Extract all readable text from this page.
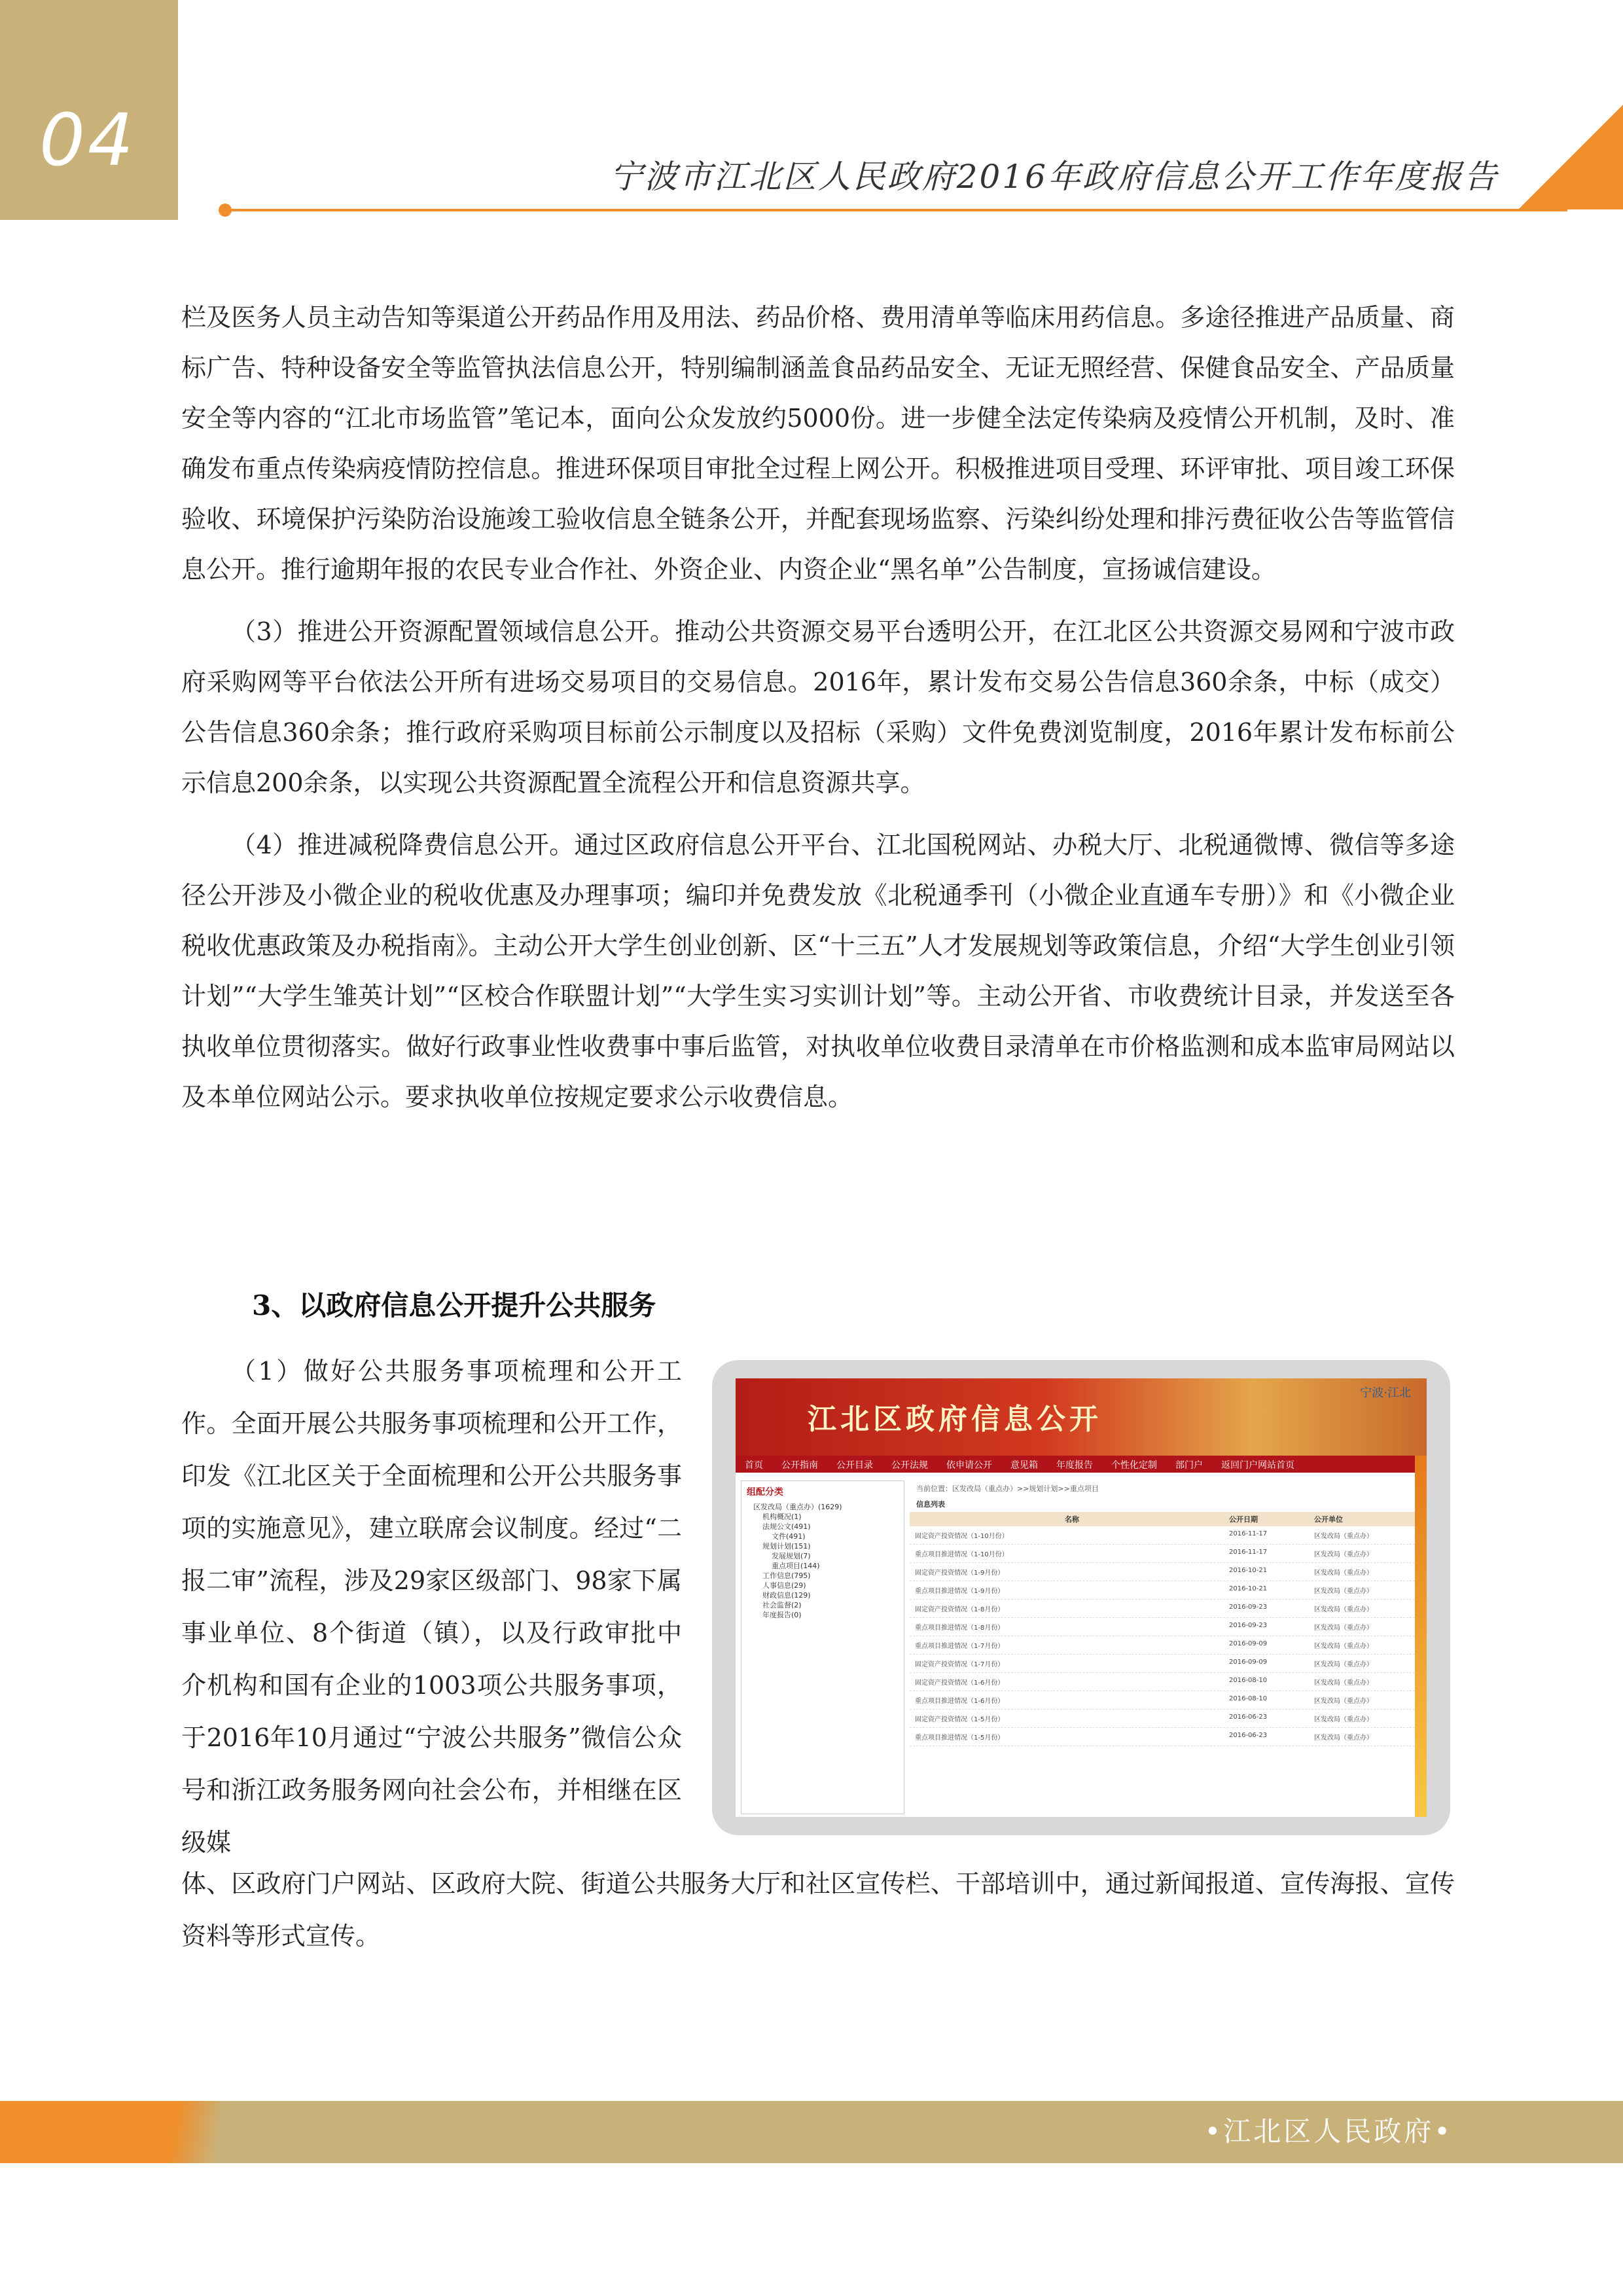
04	宁波市江北区人民政府2016年政府信息公开工作年度报告

栏及医务人员主动告知等渠道公开药品作用及用法、药品价格、费用清单等临床用药信息。多途径推进产品质量、商标广告、特种设备安全等监管执法信息公开，特别编制涵盖食品药品安全、无证无照经营、保健食品安全、产品质量安全等内容的“江北市场监管”笔记本，面向公众发放约5000份。进一步健全法定传染病及疫情公开机制，及时、准确发布重点传染病疫情防控信息。推进环保项目审批全过程上网公开。积极推进项目受理、环评审批、项目竣工环保验收、环境保护污染防治设施竣工验收信息全链条公开，并配套现场监察、污染纠纷处理和排污费征收公告等监管信息公开。推行逾期年报的农民专业合作社、外资企业、内资企业“黑名单”公告制度，宣扬诚信建设。

（3）推进公开资源配置领域信息公开。推动公共资源交易平台透明公开，在江北区公共资源交易网和宁波市政府采购网等平台依法公开所有进场交易项目的交易信息。2016年，累计发布交易公告信息360余条，中标（成交）公告信息360余条；推行政府采购项目标前公示制度以及招标（采购）文件免费浏览制度，2016年累计发布标前公示信息200余条，以实现公共资源配置全流程公开和信息资源共享。

（4）推进减税降费信息公开。通过区政府信息公开平台、江北国税网站、办税大厅、北税通微博、微信等多途径公开涉及小微企业的税收优惠及办理事项；编印并免费发放《北税通季刊（小微企业直通车专册）》和《小微企业税收优惠政策及办税指南》。主动公开大学生创业创新、区“十三五”人才发展规划等政策信息，介绍“大学生创业引领计划”“大学生雏英计划”“区校合作联盟计划”“大学生实习实训计划”等。主动公开省、市收费统计目录，并发送至各执收单位贯彻落实。做好行政事业性收费事中事后监管，对执收单位收费目录清单在市价格监测和成本监审局网站以及本单位网站公示。要求执收单位按规定要求公示收费信息。

3、以政府信息公开提升公共服务

（1）做好公共服务事项梳理和公开工作。全面开展公共服务事项梳理和公开工作，印发《江北区关于全面梳理和公开公共服务事项的实施意见》，建立联席会议制度。经过“二报二审”流程，涉及29家区级部门、98家下属事业单位、8个街道（镇），以及行政审批中介机构和国有企业的1003项公共服务事项，于2016年10月通过“宁波公共服务”微信公众号和浙江政务服务网向社会公布，并相继在区级媒

江北区政府信息公开
宁波·江北
首页	公开指南	公开目录	公开法规	依申请公开	意见箱	年度报告	个性化定制	部门户	返回门户网站首页
组配分类
区发改局（重点办）(1629)
机构概况(1)
法规公文(491)
文件(491)
规划计划(151)
发展规划(7)
重点项目(144)
工作信息(795)
人事信息(29)
财政信息(129)
社会监督(2)
年度报告(0)
当前位置：区发改局（重点办）>>规划计划>>重点项目
信息列表
名称	公开日期	公开单位
固定资产投资情况（1-10月份）	2016-11-17	区发改局（重点办）
重点项目推进情况（1-10月份）	2016-11-17	区发改局（重点办）
固定资产投资情况（1-9月份）	2016-10-21	区发改局（重点办）
重点项目推进情况（1-9月份）	2016-10-21	区发改局（重点办）
固定资产投资情况（1-8月份）	2016-09-23	区发改局（重点办）
重点项目推进情况（1-8月份）	2016-09-23	区发改局（重点办）
重点项目推进情况（1-7月份）	2016-09-09	区发改局（重点办）
固定资产投资情况（1-7月份）	2016-09-09	区发改局（重点办）
固定资产投资情况（1-6月份）	2016-08-10	区发改局（重点办）
重点项目推进情况（1-6月份）	2016-08-10	区发改局（重点办）
固定资产投资情况（1-5月份）	2016-06-23	区发改局（重点办）
重点项目推进情况（1-5月份）	2016-06-23	区发改局（重点办）

体、区政府门户网站、区政府大院、街道公共服务大厅和社区宣传栏、干部培训中，通过新闻报道、宣传海报、宣传资料等形式宣传。

•江北区人民政府•
